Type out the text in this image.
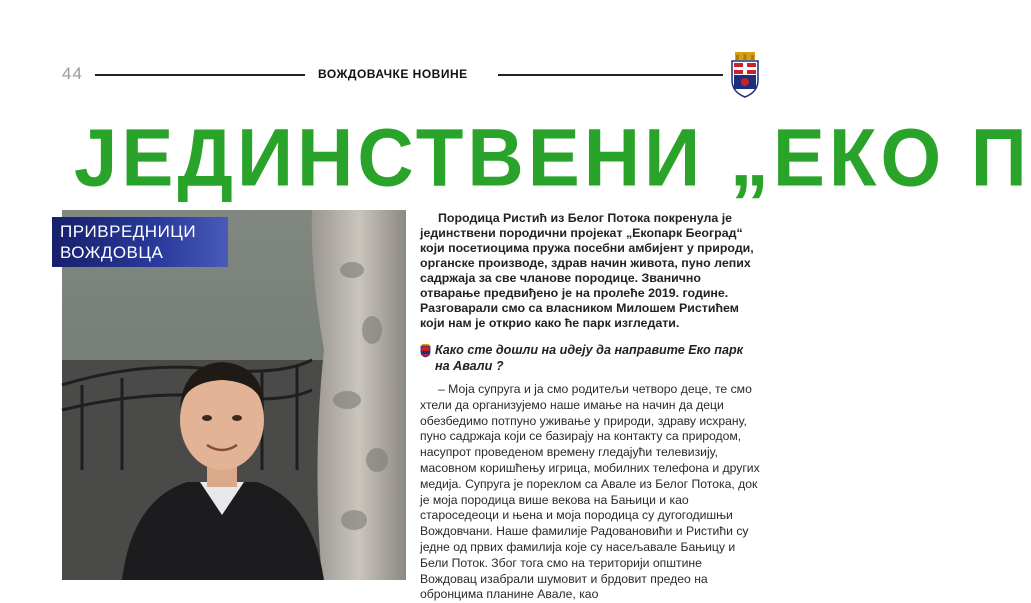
44	ВОЖДОВАЧКЕ НОВИНЕ
ЈЕДИНСТВЕНИ „ЕКО П
ПРИВРЕДНИЦИ
ВОЖДОВЦА

Породица Ристић из Белог Потока покренула је јединствени породични пројекат „Екопарк Београд“ који посетиоцима пружа посебни амбијент у природи, органске производе, здрав начин живота, пуно лепих садржаја за све чланове породице. Званично отварање предвиђено је на пролеће 2019. године. Разговарали смо са власником Милошем Ристићем који нам је открио како ће парк изгледати.

Како сте дошли на идеју да направите Еко парк на Авали ?

– Моја супруга и ја смо родитељи четворо деце, те смо хтели да организујемо наше имање на начин да деци обезбедимо потпуно уживање у природи, здраву исхрану, пуно садржаја који се базирају на контакту са природом, насупрот проведеном времену гледајући телевизију, масовном коришћењу игрица, мобилних телефона и других медија. Супруга је пореклом са Авале из Белог Потока, док је моја породица више векова на Бањици и као староседеоци и њена и моја породица су дугогодишњи Вождовчани. Наше фамилије Радовановићи и Ристићи су једне од првих фамилија које су насељавале Бањицу и Бели Поток. Због тога смо на територији општине Вождовац изабрали шумовит и брдовит предео на обронцима планине Авале, као
